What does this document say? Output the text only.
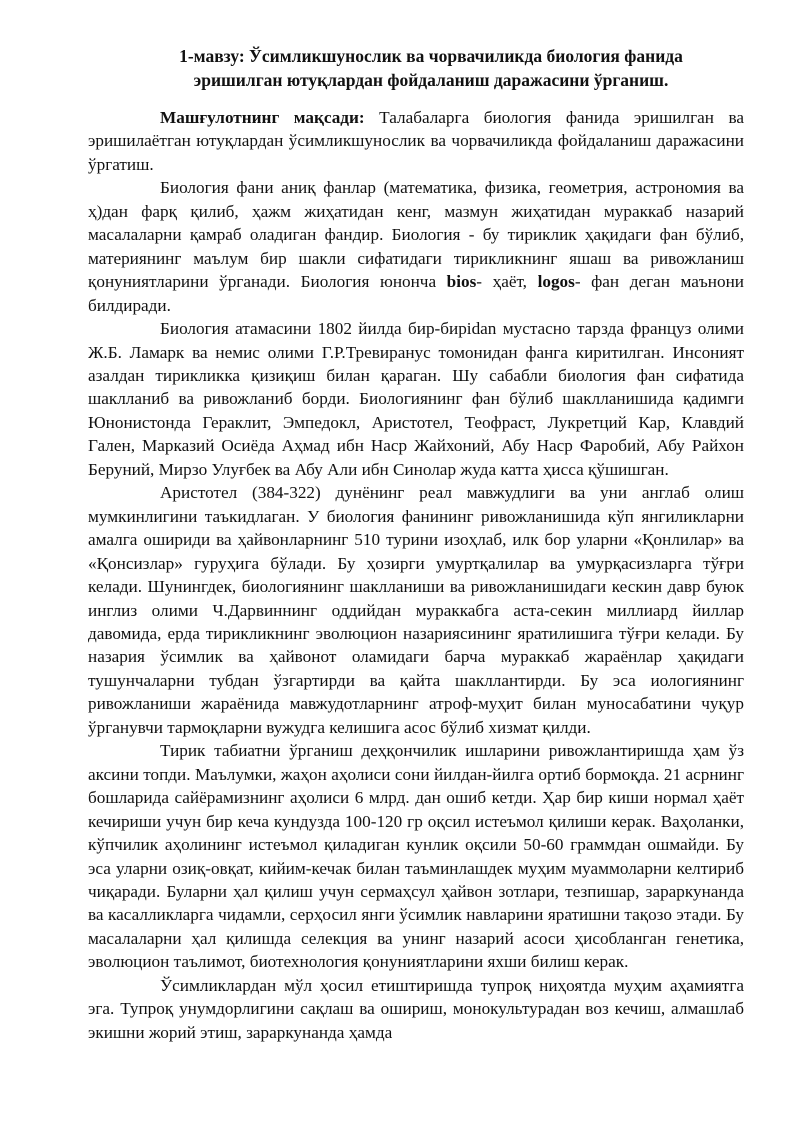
1-мавзу: Ўсимликшунослик ва чорвачиликда биология фанида
эришилган ютуқлардан фойдаланиш даражасини ўрганиш.

Машғулотнинг мақсади: Талабаларга биология фанида эришилган ва эришилаётган ютуқлардан ўсимликшунослик ва чорвачиликда фойдаланиш даражасини ўргатиш.

Биология фани аниқ фанлар (математика, физика, геометрия, астрономия ва ҳ)дан фарқ қилиб, ҳажм жиҳатидан кенг, мазмун жиҳатидан мураккаб назарий масалаларни қамраб оладиган фандир. Биология - бу тириклик ҳақидаги фан бўлиб, материянинг маълум бир шакли сифатидаги тирикликнинг яшаш ва ривожланиш қонуниятларини ўрганади. Биология юнонча bios- ҳаёт, logos- фан деган маънони билдиради.

Биология атамасини 1802 йилда бир-бирidan мустасно тарзда француз олими Ж.Б. Ламарк ва немис олими Г.Р.Тревиранус томонидан фанга киритилган. Инсоният азалдан тирикликка қизиқиш билан қараган. Шу сабабли биология фан сифатида шаклланиб ва ривожланиб борди. Биологиянинг фан бўлиб шаклланишида қадимги Юнонистонда Гераклит, Эмпедокл, Аристотел, Теофраст, Лукретций Кар, Клавдий Гален, Марказий Осиёда Аҳмад ибн Наср Жайхоний, Абу Наср Фаробий, Абу Райхон Беруний, Мирзо Улуғбек ва Абу Али ибн Синолар жуда катта ҳисса қўшишган.

Аристотел (384-322) дунёнинг реал мавжудлиги ва уни англаб олиш мумкинлигини таъкидлаган. У биология фанининг ривожланишида кўп янгиликларни амалга ошириди ва ҳайвонларнинг 510 турини изоҳлаб, илк бор уларни «Қонлилар» ва «Қонсизлар» гуруҳига бўлади. Бу ҳозирги умуртқалилар ва умурқасизларга тўғри келади. Шунингдек, биологиянинг шаклланиши ва ривожланишидаги кескин давр буюк инглиз олими Ч.Дарвиннинг оддийдан мураккабга аста-секин миллиард йиллар давомида, ерда тирикликнинг эволюцион назариясининг яратилишига тўғри келади. Бу назария ўсимлик ва ҳайвонот оламидаги барча мураккаб жараёнлар ҳақидаги тушунчаларни тубдан ўзгартирди ва қайта шакллантирди. Бу эса иологиянинг ривожланиши жараёнида мавжудотларнинг атроф-муҳит билан муносабатини чуқур ўрганувчи тармоқларни вужудга келишига асос бўлиб хизмат қилди.

Тирик табиатни ўрганиш деҳқончилик ишларини ривожлантиришда ҳам ўз аксини топди. Маълумки, жаҳон аҳолиси сони йилдан-йилга ортиб бормоқда. 21 асрнинг бошларида сайёрамизнинг аҳолиси 6 млрд. дан ошиб кетди. Ҳар бир киши нормал ҳаёт кечириши учун бир кеча кундузда 100-120 гр оқсил истеъмол қилиши керак. Ваҳоланки, кўпчилик аҳолининг истеъмол қиладиган кунлик оқсили 50-60 граммдан ошмайди. Бу эса уларни озиқ-овқат, кийим-кечак билан таъминлашдек муҳим муаммоларни келтириб чиқаради. Буларни ҳал қилиш учун сермаҳсул ҳайвон зотлари, тезпишар, зараркунанда ва касалликларга чидамли, серҳосил янги ўсимлик навларини яратишни тақозо этади. Бу масалаларни ҳал қилишда селекция ва унинг назарий асоси ҳисобланган генетика, эволюцион таълимот, биотехнология қонуниятларини яхши билиш керак.

Ўсимликлардан мўл ҳосил етиштиришда тупроқ ниҳоятда муҳим аҳамиятга эга. Тупроқ унумдорлигини сақлаш ва ошириш, монокультурадан воз кечиш, алмашлаб экишни жорий этиш, зараркунанда ҳамда
